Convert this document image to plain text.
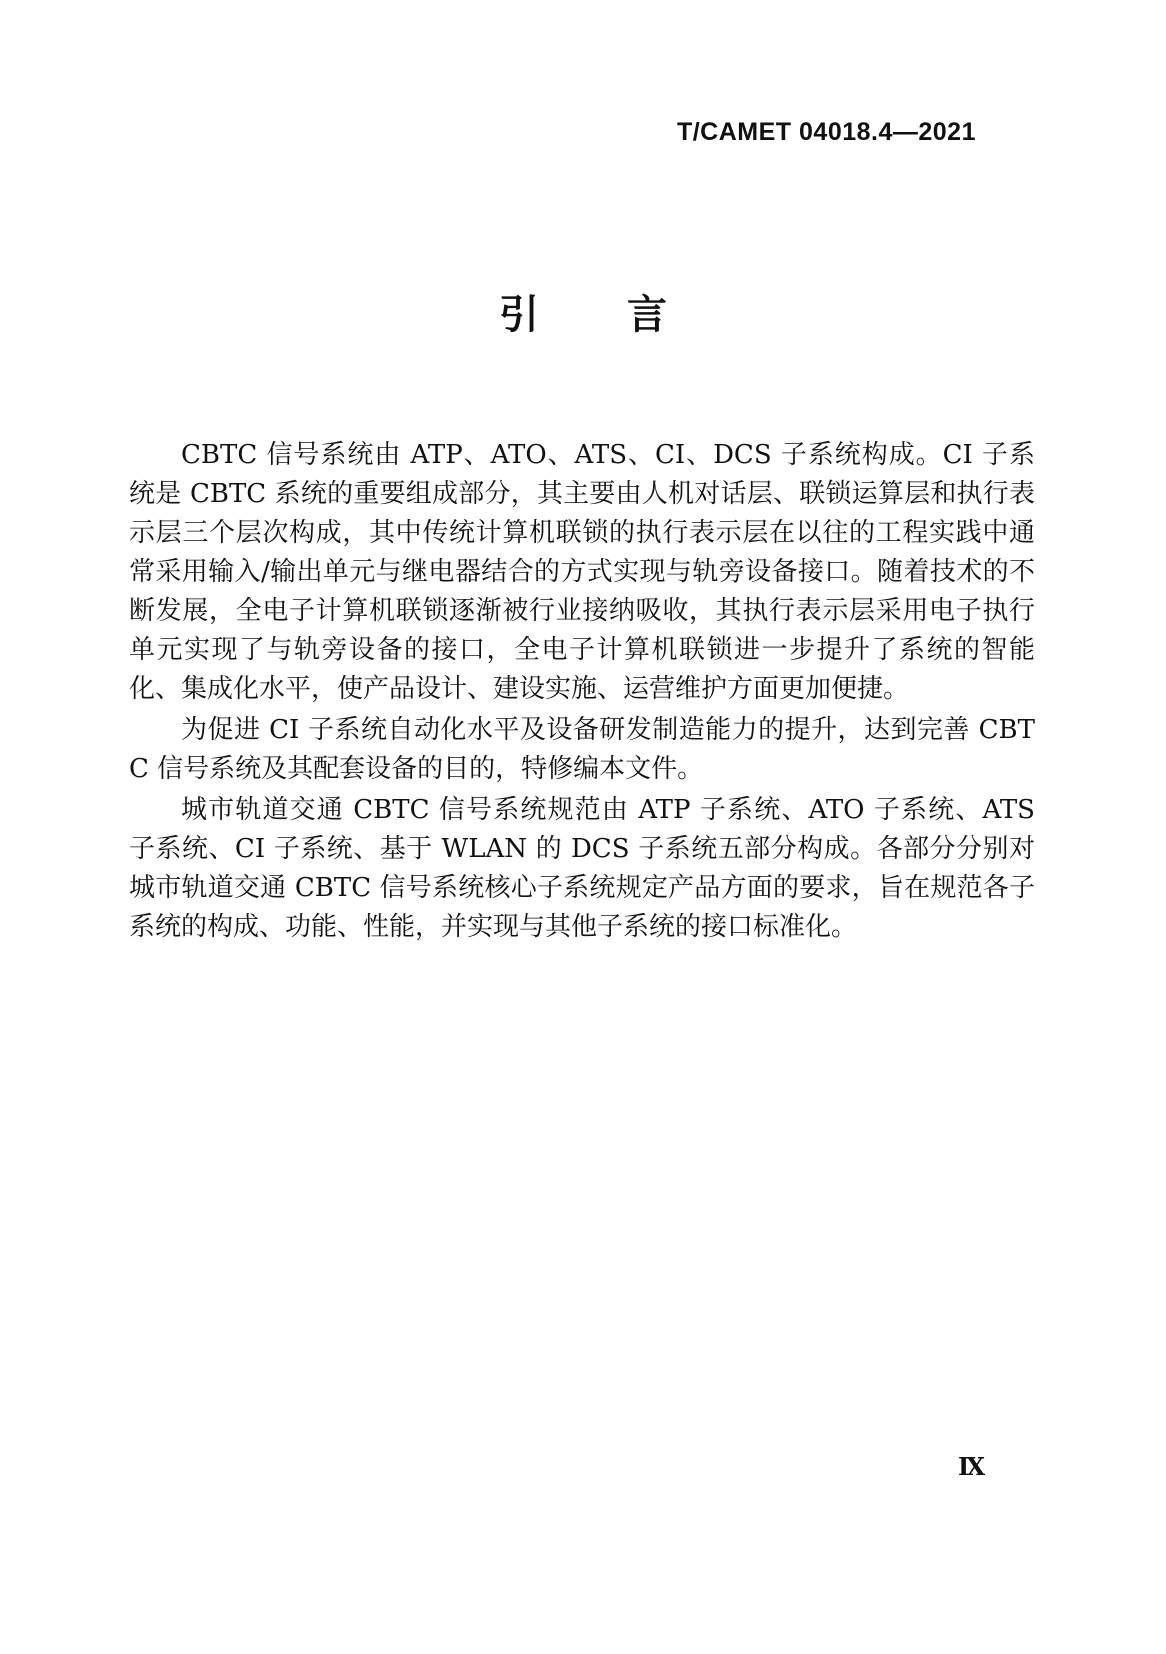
T/CAMET 04018.4—2021
引言

CBTC 信号系统由 ATP、ATO、ATS、CI、DCS 子系统构成。CI 子系统是 CBTC 系统的重要组成部分，其主要由人机对话层、联锁运算层和执行表示层三个层次构成，其中传统计算机联锁的执行表示层在以往的工程实践中通常采用输入/输出单元与继电器结合的方式实现与轨旁设备接口。随着技术的不断发展，全电子计算机联锁逐渐被行业接纳吸收，其执行表示层采用电子执行单元实现了与轨旁设备的接口，全电子计算机联锁进一步提升了系统的智能化、集成化水平，使产品设计、建设实施、运营维护方面更加便捷。

为促进 CI 子系统自动化水平及设备研发制造能力的提升，达到完善 CBTC 信号系统及其配套设备的目的，特修编本文件。

城市轨道交通 CBTC 信号系统规范由 ATP 子系统、ATO 子系统、ATS 子系统、CI 子系统、基于 WLAN 的 DCS 子系统五部分构成。各部分分别对城市轨道交通 CBTC 信号系统核心子系统规定产品方面的要求，旨在规范各子系统的构成、功能、性能，并实现与其他子系统的接口标准化。

Ⅸ
